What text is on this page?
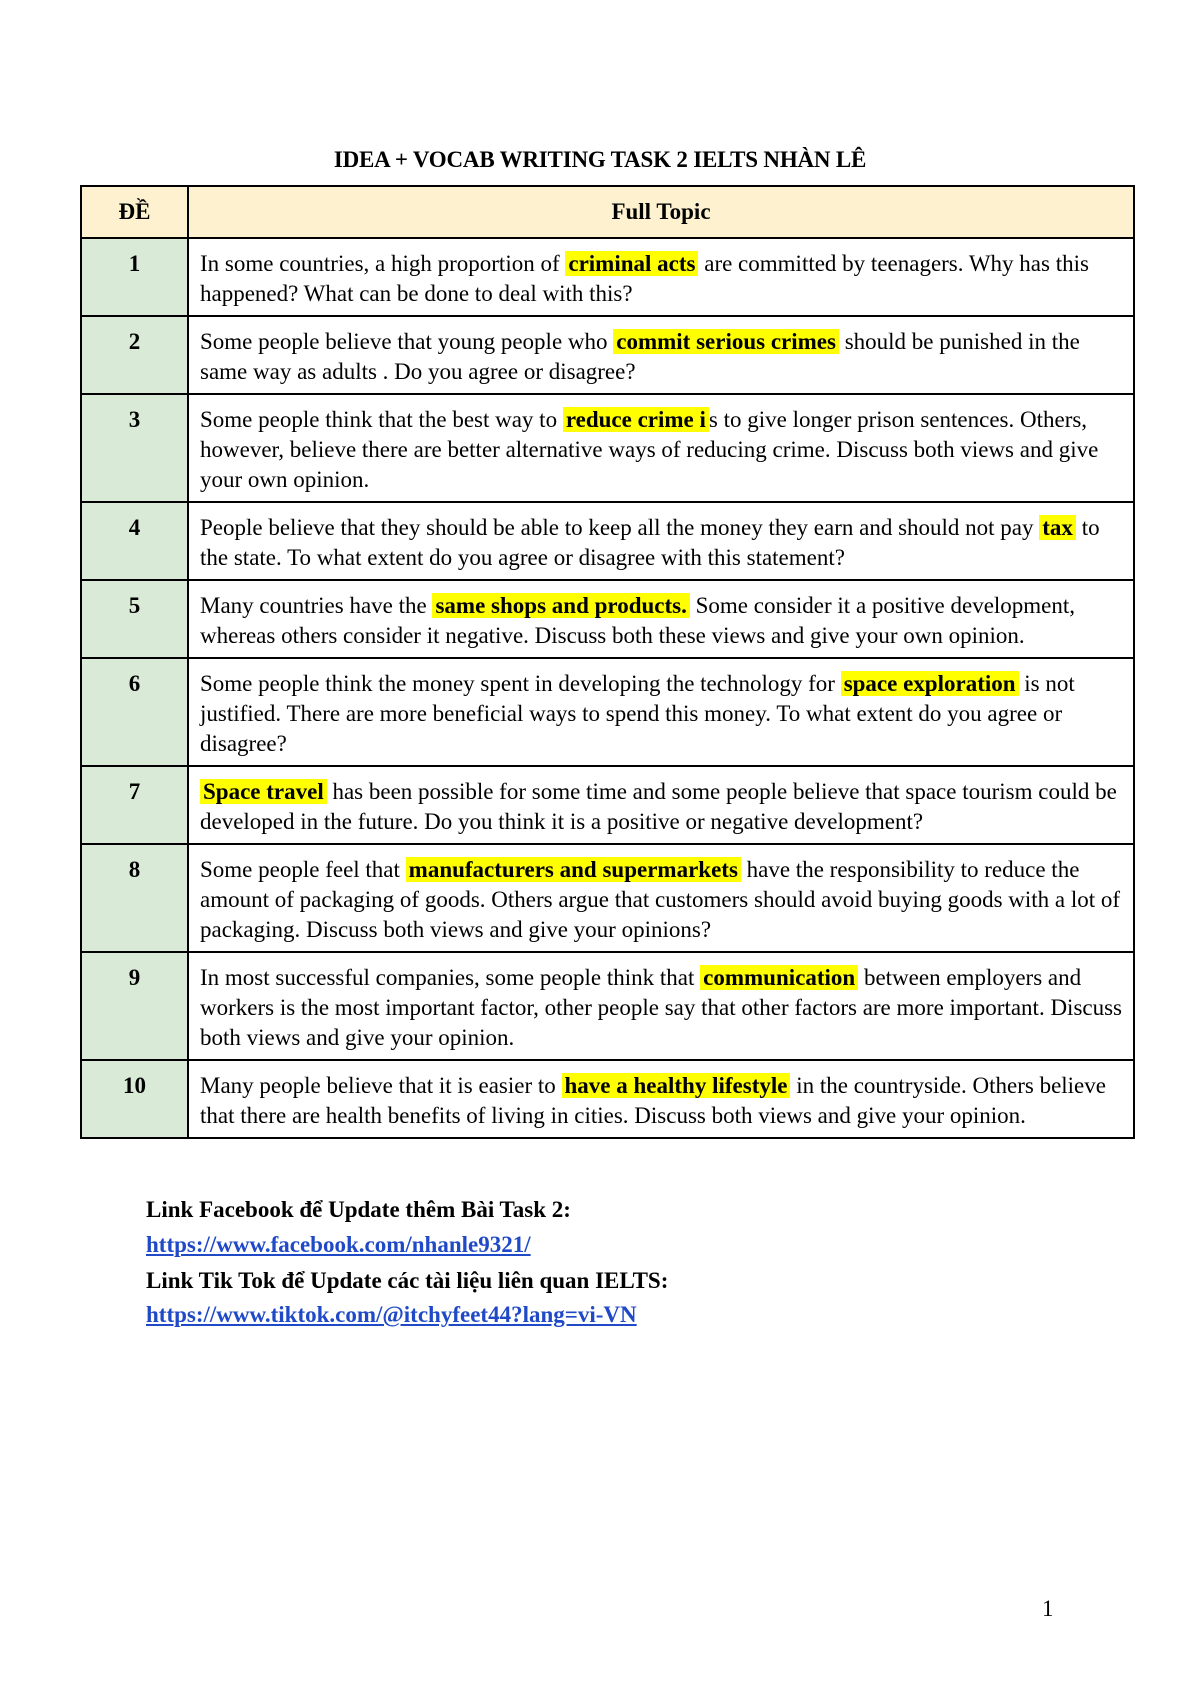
IDEA + VOCAB WRITING TASK 2 IELTS NHÀN LÊ
ĐỀ	Full Topic
1	In some countries, a high proportion of criminal acts are committed by teenagers. Why has this happened? What can be done to deal with this?
2	Some people believe that young people who commit serious crimes should be punished in the same way as adults . Do you agree or disagree?
3	Some people think that the best way to reduce crime i s to give longer prison sentences. Others, however, believe there are better alternative ways of reducing crime. Discuss both views and give your own opinion.
4	People believe that they should be able to keep all the money they earn and should not pay tax to the state. To what extent do you agree or disagree with this statement?
5	Many countries have the same shops and products. Some consider it a positive development, whereas others consider it negative. Discuss both these views and give your own opinion.
6	Some people think the money spent in developing the technology for space exploration is not justified. There are more beneficial ways to spend this money. To what extent do you agree or disagree?
7	Space travel has been possible for some time and some people believe that space tourism could be developed in the future. Do you think it is a positive or negative development?
8	Some people feel that manufacturers and supermarkets have the responsibility to reduce the amount of packaging of goods. Others argue that customers should avoid buying goods with a lot of packaging. Discuss both views and give your opinions?
9	In most successful companies, some people think that communication between employers and workers is the most important factor, other people say that other factors are more important. Discuss both views and give your opinion.
10	Many people believe that it is easier to have a healthy lifestyle in the countryside. Others believe that there are health benefits of living in cities. Discuss both views and give your opinion.
Link Facebook để Update thêm Bài Task 2:
https://www.facebook.com/nhanle9321/
Link Tik Tok để Update các tài liệu liên quan IELTS:
https://www.tiktok.com/@itchyfeet44?lang=vi-VN
1
